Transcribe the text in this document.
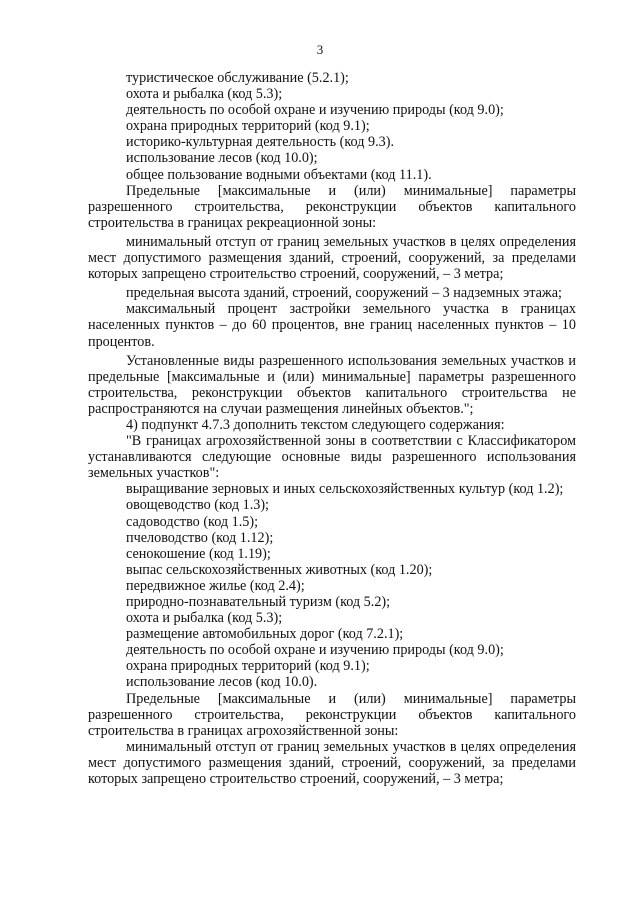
3

туристическое обслуживание (5.2.1);

охота и рыбалка (код 5.3);

деятельность по особой охране и изучению природы (код 9.0);

охрана природных территорий (код 9.1);

историко-культурная деятельность (код 9.3).

использование лесов (код 10.0);

общее пользование водными объектами (код 11.1).

Предельные [максимальные и (или) минимальные] параметры разрешенного строительства, реконструкции объектов капитального строительства в границах рекреационной зоны:

минимальный отступ от границ земельных участков в целях определения мест допустимого размещения зданий, строений, сооружений, за пределами которых запрещено строительство строений, сооружений, – 3 метра;

предельная высота зданий, строений, сооружений – 3 надземных этажа;

максимальный процент застройки земельного участка в границах населенных пунктов – до 60 процентов, вне границ населенных пунктов – 10 процентов.

Установленные виды разрешенного использования земельных участков и предельные [максимальные и (или) минимальные] параметры разрешенного строительства, реконструкции объектов капитального строительства не распространяются на случаи размещения линейных объектов.";

4) подпункт 4.7.3 дополнить текстом следующего содержания:

"В границах агрохозяйственной зоны в соответствии с Классификатором устанавливаются следующие основные виды разрешенного использования земельных участков":

выращивание зерновых и иных сельскохозяйственных культур (код 1.2);

овощеводство (код 1.3);

садоводство (код 1.5);

пчеловодство (код 1.12);

сенокошение (код 1.19);

выпас сельскохозяйственных животных (код 1.20);

передвижное жилье (код 2.4);

природно-познавательный туризм (код 5.2);

охота и рыбалка (код 5.3);

размещение автомобильных дорог (код 7.2.1);

деятельность по особой охране и изучению природы (код 9.0);

охрана природных территорий (код 9.1);

использование лесов (код 10.0).

Предельные [максимальные и (или) минимальные] параметры разрешенного строительства, реконструкции объектов капитального строительства в границах агрохозяйственной зоны:

минимальный отступ от границ земельных участков в целях определения мест допустимого размещения зданий, строений, сооружений, за пределами которых запрещено строительство строений, сооружений, – 3 метра;
